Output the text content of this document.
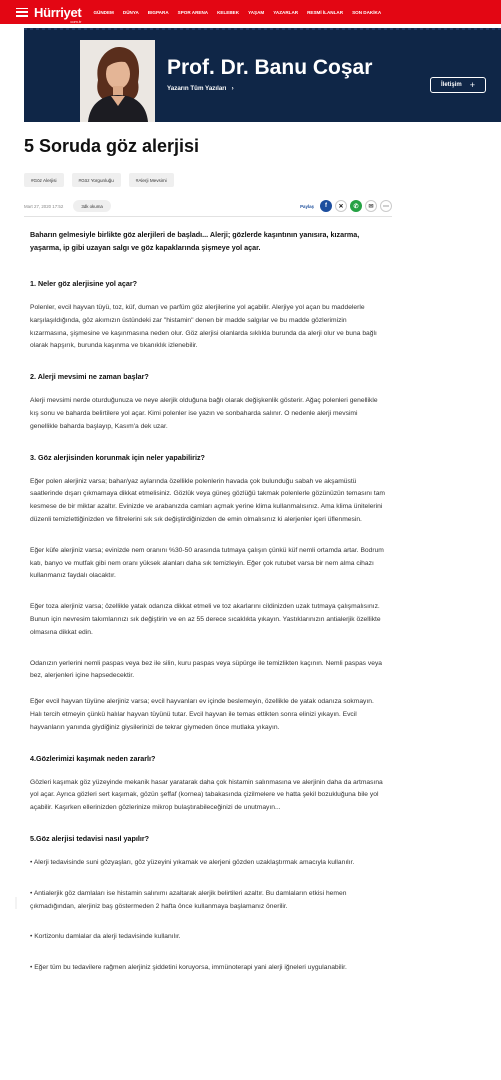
Hürriyet
com.tr
GÜNDEM DÜNYA BIGPARA SPOR ARENA KELEBEK YAŞAM YAZARLAR RESMİ İLANLAR SON DAKİKA
Prof. Dr. Banu Coşar
Yazarın Tüm Yazıları   ›	İletişim +
5 Soruda göz alerjisi
#Göz Alerjisi	#Göz Yorgunluğu	#Alerji Mevsimi
Mart 27, 2020 17:52	3dk okuma	Paylaş	f	✕	✆	✉	⋯

Baharın gelmesiyle birlikte göz alerjileri de başladı... Alerji; gözlerde kaşıntının yanısıra, kızarma, yaşarma, ip gibi uzayan salgı ve göz kapaklarında şişmeye yol açar.

1. Neler göz alerjisine yol açar?

Polenler, evcil hayvan tüyü, toz, küf, duman ve parfüm göz alerjilerine yol açabilir. Alerjiye yol açan bu maddelerle karşılaşıldığında, göz akımızın üstündeki zar "histamin" denen bir madde salgılar ve bu madde gözlerimizin kızarmasına, şişmesine ve kaşınmasına neden olur. Göz alerjisi olanlarda sıklıkla burunda da alerji olur ve buna bağlı olarak hapşırık, burunda kaşınma ve tıkanıklık izlenebilir.

2. Alerji mevsimi ne zaman başlar?

Alerji mevsimi nerde oturduğunuza ve neye alerjik olduğuna bağlı olarak değişkenlik gösterir. Ağaç polenleri genellikle kış sonu ve baharda belirtilere yol açar. Kimi polenler ise yazın ve sonbaharda salınır. O nedenle alerji mevsimi genellikle baharda başlayıp, Kasım'a dek uzar.

3. Göz alerjisinden korunmak için neler yapabiliriz?

Eğer polen alerjiniz varsa; bahar/yaz aylarında özellikle polenlerin havada çok bulunduğu sabah ve akşamüstü saatlerinde dışarı çıkmamaya dikkat etmelisiniz. Gözlük veya güneş gözlüğü takmak polenlerle gözünüzün temasını tam kesmese de bir miktar azaltır. Evinizde ve arabanızda camları açmak yerine klima kullanmalısınız. Ama klima ünitelerini düzenli temizlettiğinizden ve filtrelerini sık sık değiştirdiğinizden de emin olmalısınız ki alerjenler içeri üflenmesin.

Eğer küfe alerjiniz varsa; evinizde nem oranını %30-50 arasında tutmaya çalışın çünkü küf nemli ortamda artar. Bodrum katı, banyo ve mutfak gibi nem oranı yüksek alanları daha sık temizleyin. Eğer çok rutubet varsa bir nem alma cihazı kullanmanız faydalı olacaktır.

Eğer toza alerjiniz varsa; özellikle yatak odanıza dikkat etmeli ve toz akarlarını cildinizden uzak tutmaya çalışmalısınız. Bunun için nevresim takımlarınızı sık değiştirin ve en az 55 derece sıcaklıkta yıkayın. Yastıklarınızın antialerjik özellikte olmasına dikkat edin.

Odanızın yerlerini nemli paspas veya bez ile silin, kuru paspas veya süpürge ile temizlikten kaçının. Nemli paspas veya bez, alerjenleri içine hapsedecektir.

Eğer evcil hayvan tüyüne alerjiniz varsa; evcil hayvanları ev içinde beslemeyin, özellikle de yatak odanıza sokmayın. Halı tercih etmeyin çünkü halılar hayvan tüyünü tutar. Evcil hayvan ile temas ettikten sonra elinizi yıkayın. Evcil hayvanların yanında giydiğiniz giysilerinizi de tekrar giymeden önce mutlaka yıkayın.

4.Gözlerimizi kaşımak neden zararlı?

Gözleri kaşımak göz yüzeyinde mekanik hasar yaratarak daha çok histamin salınmasına ve alerjinin daha da artmasına yol açar. Ayrıca gözleri sert kaşımak, gözün şeffaf (kornea) tabakasında çizilmelere ve hatta şekil bozukluğuna bile yol açabilir. Kaşırken ellerinizden gözlerinize mikrop bulaştırabileceğinizi de unutmayın...

5.Göz alerjisi tedavisi nasıl yapılır?

• Alerji tedavisinde suni gözyaşları, göz yüzeyini yıkamak ve alerjeni gözden uzaklaştırmak amacıyla kullanılır.

• Antialerjik göz damlaları ise histamin salınımı azaltarak alerjik belirtileri azaltır. Bu damlaların etkisi hemen çıkmadığından, alerjiniz baş göstermeden 2 hafta önce kullanmaya başlamanız önerilir.

• Kortizonlu damlalar da alerji tedavisinde kullanılır.

• Eğer tüm bu tedavilere rağmen alerjiniz şiddetini koruyorsa, immünoterapi yani alerji iğneleri uygulanabilir.
